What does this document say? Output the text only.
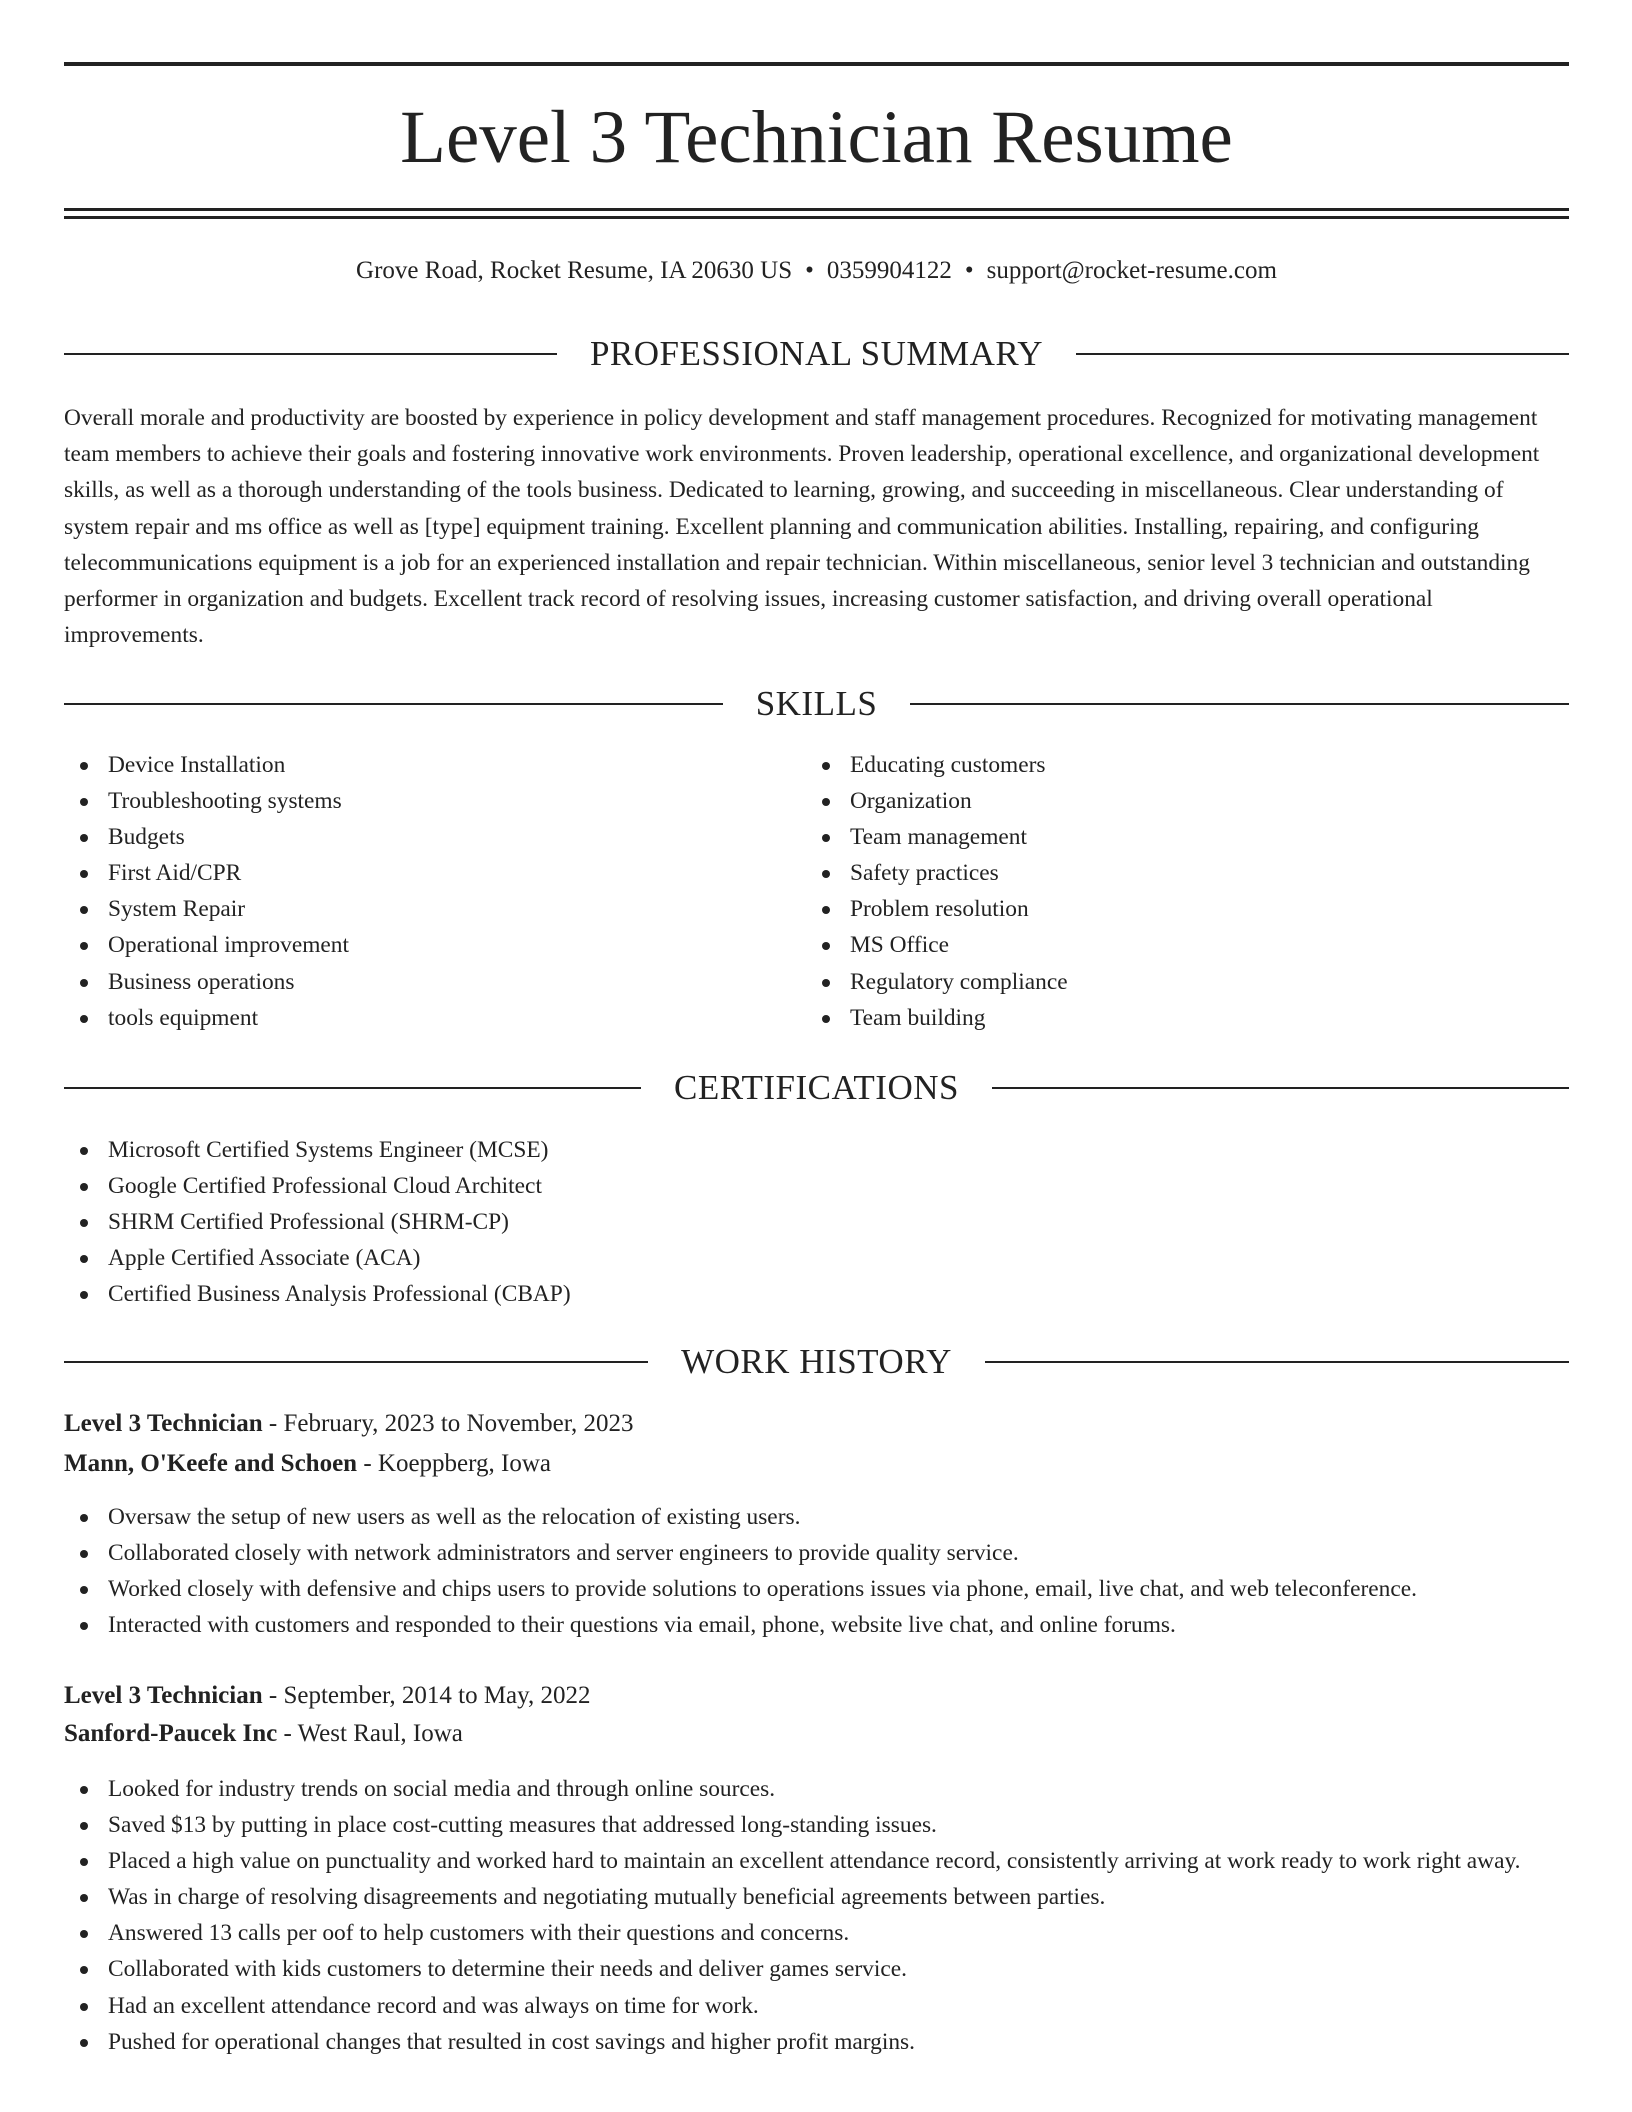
Level 3 Technician Resume
Grove Road, Rocket Resume, IA 20630 US • 0359904122 • support@rocket-resume.com
PROFESSIONAL SUMMARY

Overall morale and productivity are boosted by experience in policy development and staff management procedures. Recognized for motivating management team members to achieve their goals and fostering innovative work environments. Proven leadership, operational excellence, and organizational development skills, as well as a thorough understanding of the tools business. Dedicated to learning, growing, and succeeding in miscellaneous. Clear understanding of system repair and ms office as well as [type] equipment training. Excellent planning and communication abilities. Installing, repairing, and configuring telecommunications equipment is a job for an experienced installation and repair technician. Within miscellaneous, senior level 3 technician and outstanding performer in organization and budgets. Excellent track record of resolving issues, increasing customer satisfaction, and driving overall operational improvements.

SKILLS
Device Installation
Troubleshooting systems
Budgets
First Aid/CPR
System Repair
Operational improvement
Business operations
tools equipment
Educating customers
Organization
Team management
Safety practices
Problem resolution
MS Office
Regulatory compliance
Team building
CERTIFICATIONS
Microsoft Certified Systems Engineer (MCSE)
Google Certified Professional Cloud Architect
SHRM Certified Professional (SHRM-CP)
Apple Certified Associate (ACA)
Certified Business Analysis Professional (CBAP)
WORK HISTORY
Level 3 Technician - February, 2023 to November, 2023
Mann, O'Keefe and Schoen - Koeppberg, Iowa
Oversaw the setup of new users as well as the relocation of existing users.
Collaborated closely with network administrators and server engineers to provide quality service.
Worked closely with defensive and chips users to provide solutions to operations issues via phone, email, live chat, and web teleconference.
Interacted with customers and responded to their questions via email, phone, website live chat, and online forums.
Level 3 Technician - September, 2014 to May, 2022
Sanford-Paucek Inc - West Raul, Iowa
Looked for industry trends on social media and through online sources.
Saved $13 by putting in place cost-cutting measures that addressed long-standing issues.
Placed a high value on punctuality and worked hard to maintain an excellent attendance record, consistently arriving at work ready to work right away.
Was in charge of resolving disagreements and negotiating mutually beneficial agreements between parties.
Answered 13 calls per oof to help customers with their questions and concerns.
Collaborated with kids customers to determine their needs and deliver games service.
Had an excellent attendance record and was always on time for work.
Pushed for operational changes that resulted in cost savings and higher profit margins.
